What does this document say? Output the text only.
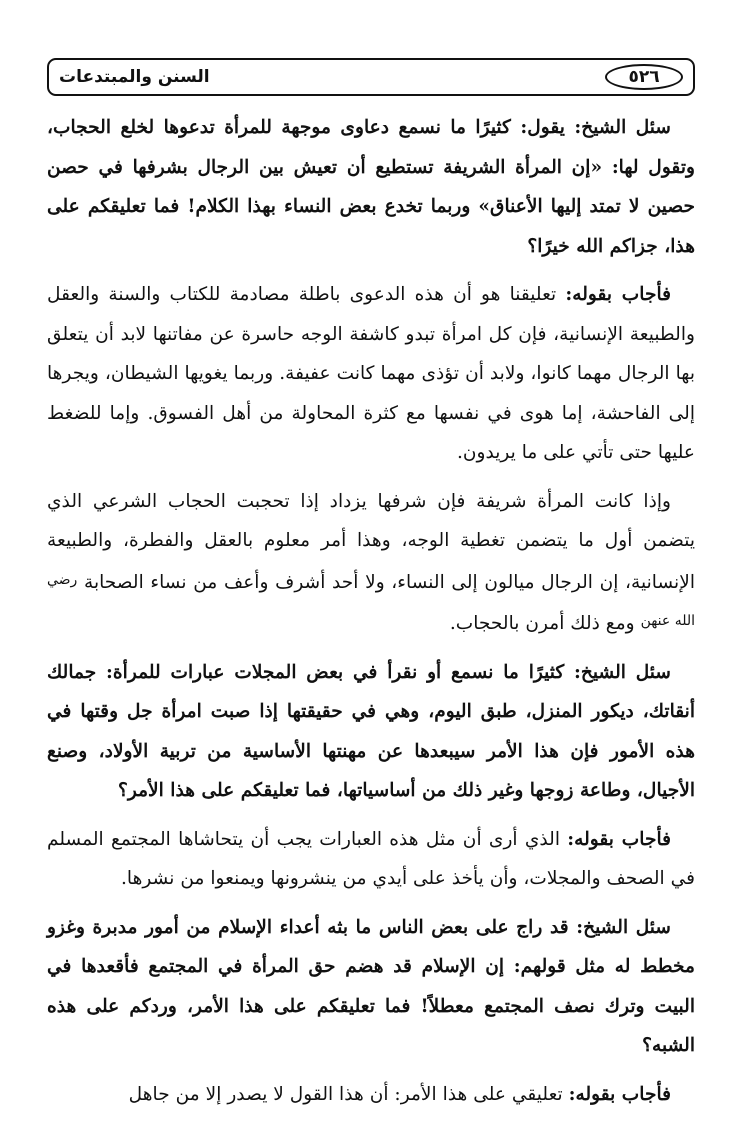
٥٢٦
السنن والمبتدعات

سئل الشيخ: يقول: كثيرًا ما نسمع دعاوى موجهة للمرأة تدعوها لخلع الحجاب، وتقول لها: «إن المرأة الشريفة تستطيع أن تعيش بين الرجال بشرفها في حصن حصين لا تمتد إليها الأعناق» وربما تخدع بعض النساء بهذا الكلام! فما تعليقكم على هذا، جزاكم الله خيرًا؟

فأجاب بقوله: تعليقنا هو أن هذه الدعوى باطلة مصادمة للكتاب والسنة والعقل والطبيعة الإنسانية، فإن كل امرأة تبدو كاشفة الوجه حاسرة عن مفاتنها لابد أن يتعلق بها الرجال مهما كانوا، ولابد أن تؤذى مهما كانت عفيفة. وربما يغويها الشيطان، ويجرها إلى الفاحشة، إما هوى في نفسها مع كثرة المحاولة من أهل الفسوق. وإما للضغط عليها حتى تأتي على ما يريدون.

وإذا كانت المرأة شريفة فإن شرفها يزداد إذا تحجبت الحجاب الشرعي الذي يتضمن أول ما يتضمن تغطية الوجه، وهذا أمر معلوم بالعقل والفطرة، والطبيعة الإنسانية، إن الرجال ميالون إلى النساء، ولا أحد أشرف وأعف من نساء الصحابة $^{رضي الله عنهن}$ ومع ذلك أمرن بالحجاب.

سئل الشيخ: كثيرًا ما نسمع أو نقرأ في بعض المجلات عبارات للمرأة: جمالك أنقاتك، ديكور المنزل، طبق اليوم، وهي في حقيقتها إذا صبت امرأة جل وقتها في هذه الأمور فإن هذا الأمر سيبعدها عن مهنتها الأساسية من تربية الأولاد، وصنع الأجيال، وطاعة زوجها وغير ذلك من أساسياتها، فما تعليقكم على هذا الأمر؟

فأجاب بقوله: الذي أرى أن مثل هذه العبارات يجب أن يتحاشاها المجتمع المسلم في الصحف والمجلات، وأن يأخذ على أيدي من ينشرونها ويمنعوا من نشرها.

سئل الشيخ: قد راج على بعض الناس ما بثه أعداء الإسلام من أمور مدبرة وغزو مخطط له مثل قولهم: إن الإسلام قد هضم حق المرأة في المجتمع فأقعدها في البيت وترك نصف المجتمع معطلاً! فما تعليقكم على هذا الأمر، وردكم على هذه الشبه؟

فأجاب بقوله: تعليقي على هذا الأمر: أن هذا القول لا يصدر إلا من جاهل
